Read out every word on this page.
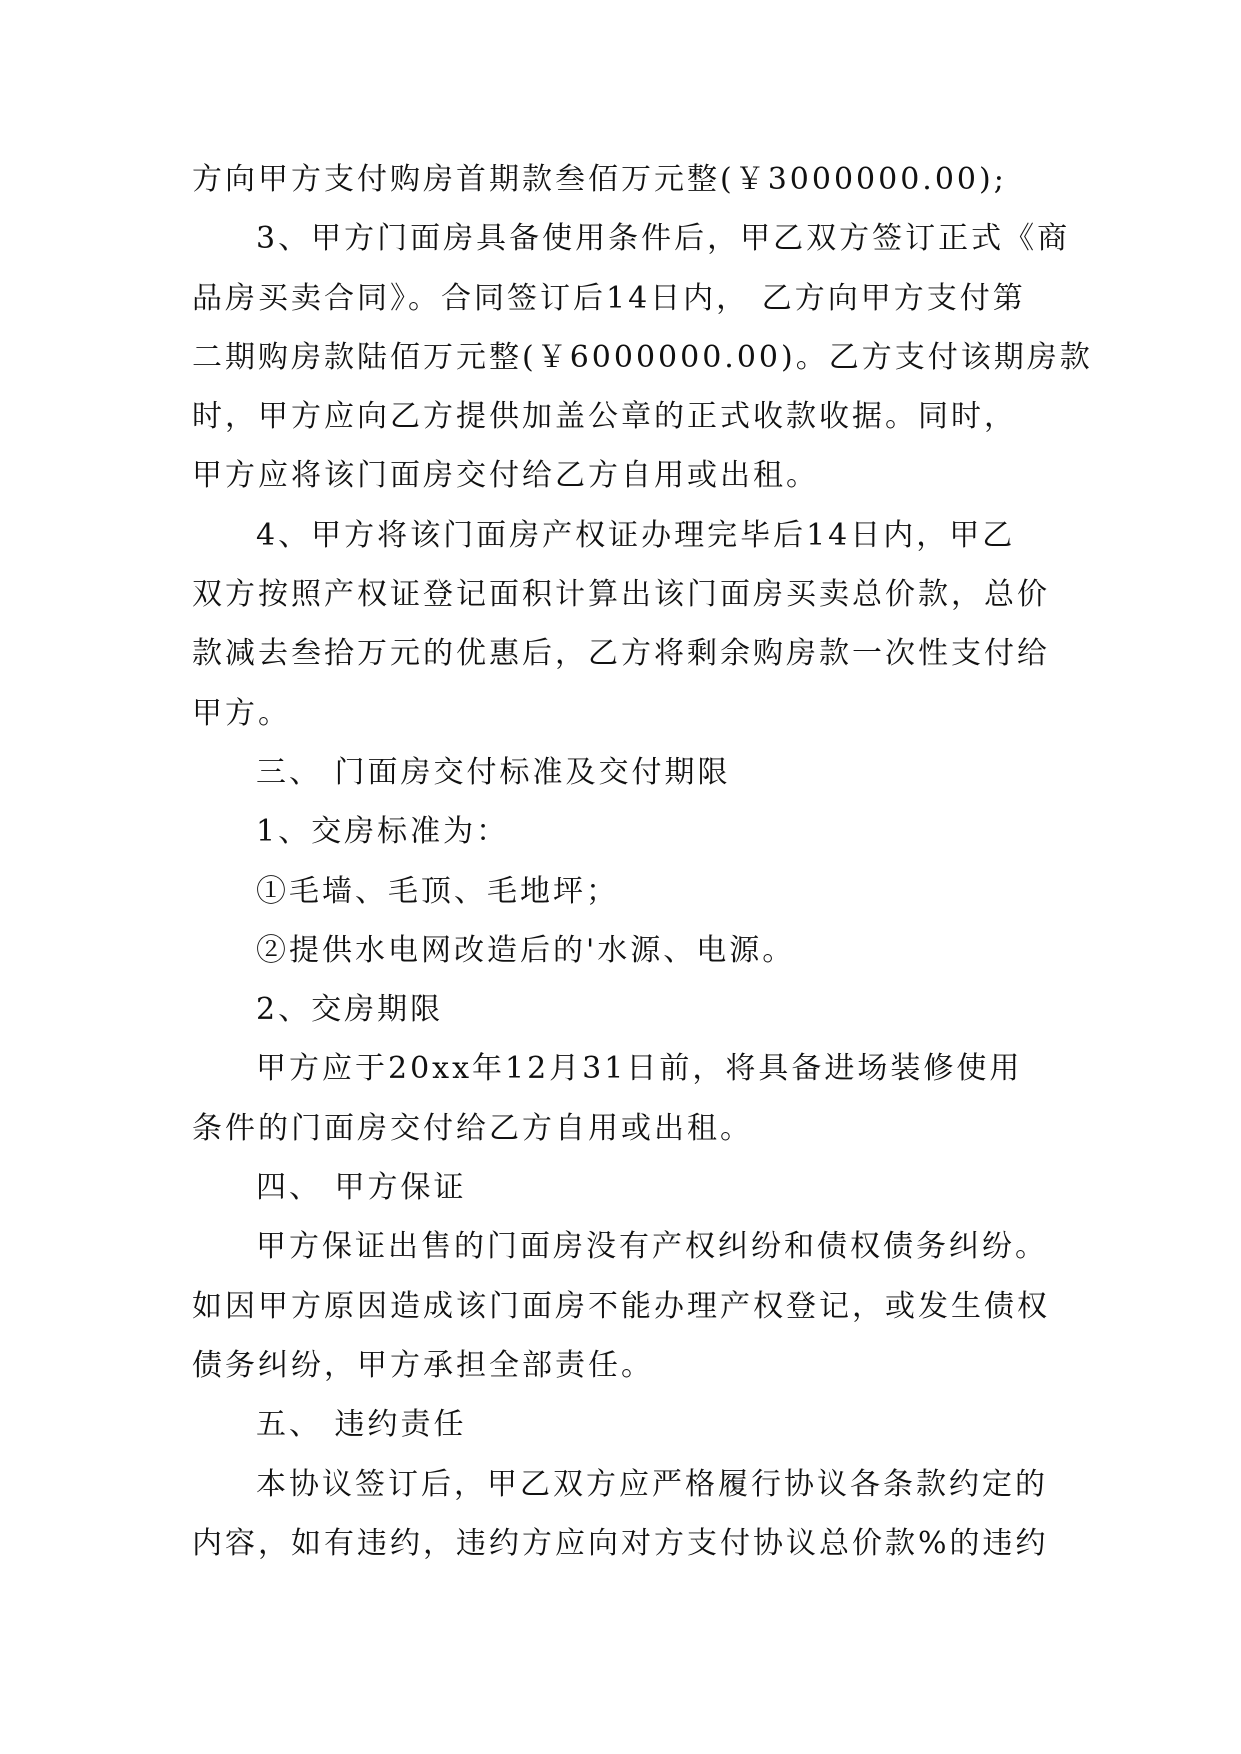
方向甲方支付购房首期款叁佰万元整(￥3000000.00);
3、甲方门面房具备使用条件后，甲乙双方签订正式《商
品房买卖合同》。合同签订后14日内， 乙方向甲方支付第
二期购房款陆佰万元整(￥6000000.00)。乙方支付该期房款
时，甲方应向乙方提供加盖公章的正式收款收据。同时，
甲方应将该门面房交付给乙方自用或出租。
4、甲方将该门面房产权证办理完毕后14日内，甲乙
双方按照产权证登记面积计算出该门面房买卖总价款，总价
款减去叁拾万元的优惠后，乙方将剩余购房款一次性支付给
甲方。
三、 门面房交付标准及交付期限
1、交房标准为：
①毛墙、毛顶、毛地坪；
②提供水电网改造后的'水源、电源。
2、交房期限
甲方应于20xx年12月31日前，将具备进场装修使用
条件的门面房交付给乙方自用或出租。
四、 甲方保证
甲方保证出售的门面房没有产权纠纷和债权债务纠纷。
如因甲方原因造成该门面房不能办理产权登记，或发生债权
债务纠纷，甲方承担全部责任。
五、 违约责任
本协议签订后，甲乙双方应严格履行协议各条款约定的
内容，如有违约，违约方应向对方支付协议总价款%的违约
